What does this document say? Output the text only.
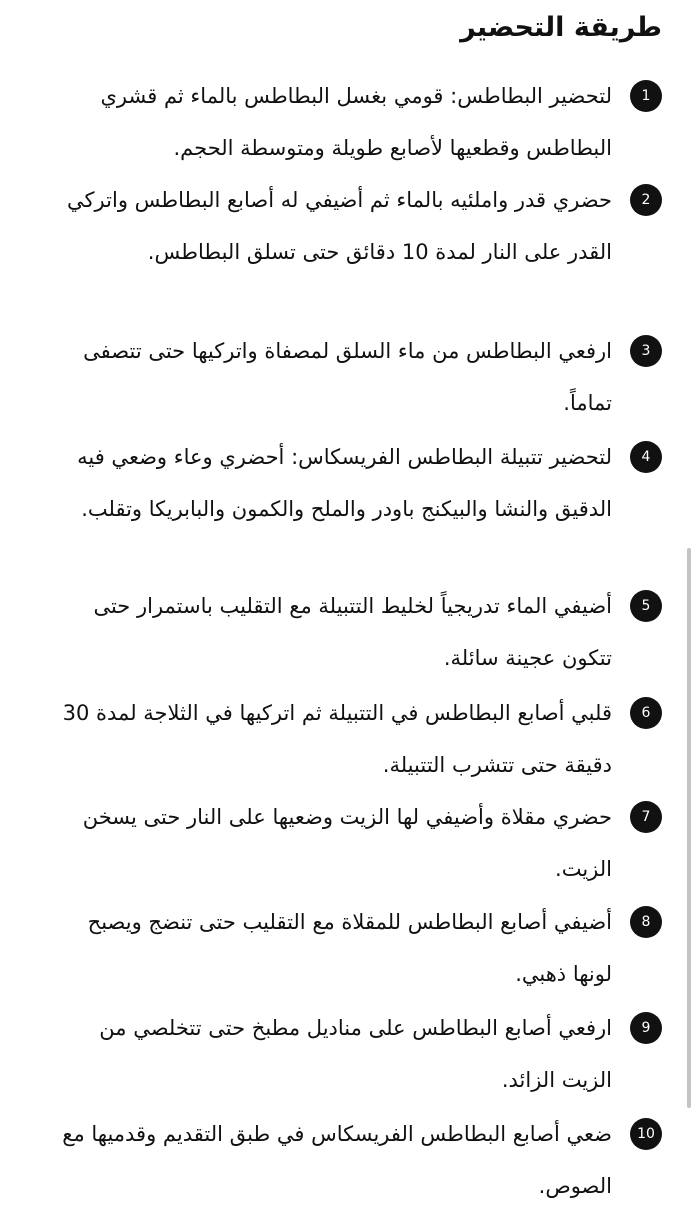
طريقة التحضير
1

لتحضير البطاطس: قومي بغسل البطاطس بالماء ثم قشري البطاطس وقطعيها لأصابع طويلة ومتوسطة الحجم.

2

حضري قدر واملئيه بالماء ثم أضيفي له أصابع البطاطس واتركي القدر على النار لمدة 10 دقائق حتى تسلق البطاطس.

3

ارفعي البطاطس من ماء السلق لمصفاة واتركيها حتى تتصفى تماماً.

4

لتحضير تتبيلة البطاطس الفريسكاس: أحضري وعاء وضعي فيه الدقيق والنشا والبيكنج باودر والملح والكمون والبابريكا وتقلب.

5

أضيفي الماء تدريجياً لخليط التتبيلة مع التقليب باستمرار حتى تتكون عجينة سائلة.

6

قلبي أصابع البطاطس في التتبيلة ثم اتركيها في الثلاجة لمدة 30 دقيقة حتى تتشرب التتبيلة.

7

حضري مقلاة وأضيفي لها الزيت وضعيها على النار حتى يسخن الزيت.

8

أضيفي أصابع البطاطس للمقلاة مع التقليب حتى تنضج ويصبح لونها ذهبي.

9

ارفعي أصابع البطاطس على مناديل مطبخ حتى تتخلصي من الزيت الزائد.

10

ضعي أصابع البطاطس الفريسكاس في طبق التقديم وقدميها مع الصوص.
